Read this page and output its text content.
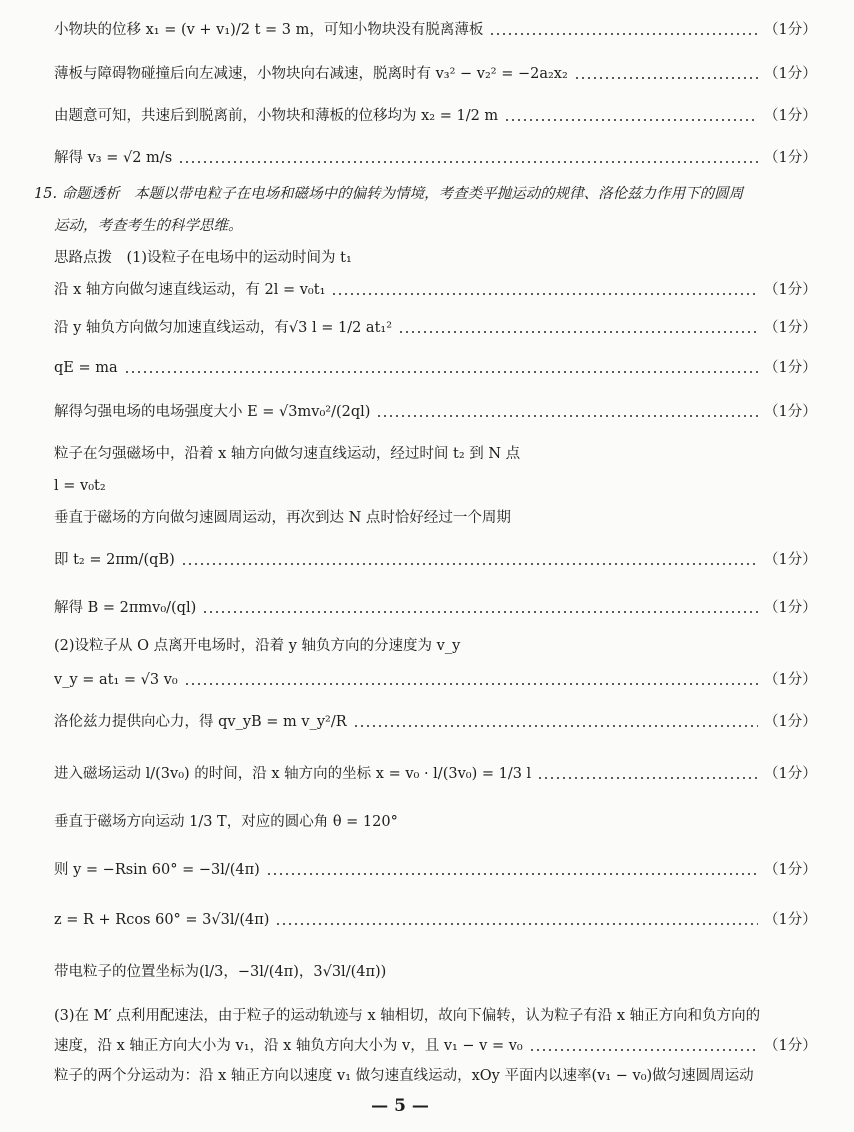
小物块的位移 x₁ = (v + v₁)/2 t = 3 m，可知小物块没有脱离薄板	（1分）
薄板与障碍物碰撞后向左减速，小物块向右减速，脱离时有 v₃² − v₂² = −2a₂x₂	（1分）
由题意可知，共速后到脱离前，小物块和薄板的位移均为 x₂ = 1/2 m	（1分）
解得 v₃ = √2 m/s	（1分）
15. 命题透析　本题以带电粒子在电场和磁场中的偏转为情境，考查类平抛运动的规律、洛伦兹力作用下的圆周
运动，考查考生的科学思维。
思路点拨　(1)设粒子在电场中的运动时间为 t₁
沿 x 轴方向做匀速直线运动，有 2l = v₀t₁	（1分）
沿 y 轴负方向做匀加速直线运动，有√3 l = 1/2 at₁²	（1分）
qE = ma	（1分）
解得匀强电场的电场强度大小 E = √3mv₀²/(2ql)	（1分）
粒子在匀强磁场中，沿着 x 轴方向做匀速直线运动，经过时间 t₂ 到 N 点
l = v₀t₂
垂直于磁场的方向做匀速圆周运动，再次到达 N 点时恰好经过一个周期
即 t₂ = 2πm/(qB)	（1分）
解得 B = 2πmv₀/(ql)	（1分）
(2)设粒子从 O 点离开电场时，沿着 y 轴负方向的分速度为 v_y
v_y = at₁ = √3 v₀	（1分）
洛伦兹力提供向心力，得 qv_yB = m v_y²/R	（1分）
进入磁场运动 l/(3v₀) 的时间，沿 x 轴方向的坐标 x = v₀ · l/(3v₀) = 1/3 l	（1分）
垂直于磁场方向运动 1/3 T，对应的圆心角 θ = 120°
则 y = −Rsin 60° = −3l/(4π)	（1分）
z = R + Rcos 60° = 3√3l/(4π)	（1分）
带电粒子的位置坐标为(l/3，−3l/(4π)，3√3l/(4π))
(3)在 M′ 点利用配速法，由于粒子的运动轨迹与 x 轴相切，故向下偏转，认为粒子有沿 x 轴正方向和负方向的
速度，沿 x 轴正方向大小为 v₁，沿 x 轴负方向大小为 v，且 v₁ − v = v₀	（1分）
粒子的两个分运动为：沿 x 轴正方向以速度 v₁ 做匀速直线运动，xOy 平面内以速率(v₁ − v₀)做匀速圆周运动
— 5 —
